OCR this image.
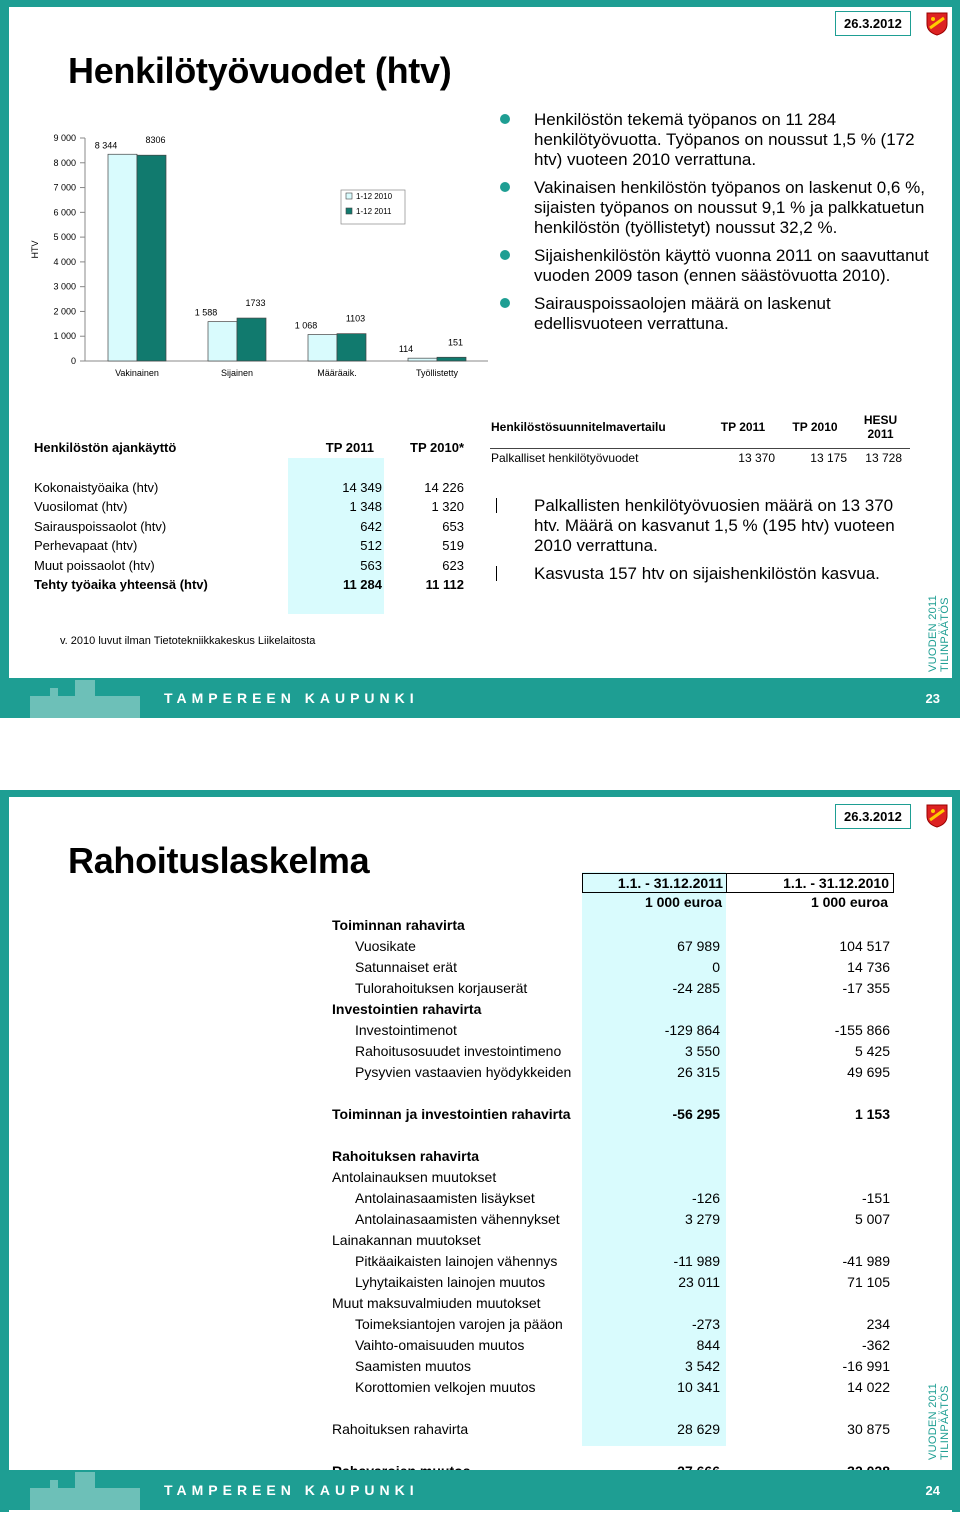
26.3.2012
Henkilötyövuodet (htv)
HTV
0
1 000
2 000
3 000
4 000
5 000
6 000
7 000
8 000
9 000
8 344
8306
Vakinainen
1 588
1733
Sijainen
1 068
1103
Määräaik.
114
151
Työllistetty
1-12 2010
1-12 2011
Henkilöstön tekemä työpanos on 11 284 henkilötyövuotta. Työpanos on noussut 1,5 % (172 htv) vuoteen 2010 verrattuna.
Vakinaisen henkilöstön työpanos on laskenut 0,6 %, sijaisten työpanos on noussut 9,1 % ja palkkatuetun henkilöstön (työllistetyt) noussut 32,2 %.
Sijaishenkilöstön käyttö vuonna 2011 on saavuttanut vuoden 2009 tason (ennen säästövuotta 2010).
Sairauspoissaolojen määrä on laskenut edellisvuoteen verrattuna.
Henkilöstösuunnitelmavertailu	TP 2011	TP 2010	HESU 2011

Palkalliset henkilötyövuodet	13 370	13 175	13 728
Palkallisten henkilötyövuosien määrä on 13 370 htv. Määrä on kasvanut 1,5 % (195 htv) vuoteen 2010 verrattuna.
Kasvusta 157 htv on sijaishenkilöstön kasvua.
Henkilöstön ajankäyttö	TP 2011	TP 2010*

Kokonaistyöaika (htv)	14 349	14 226
Vuosilomat (htv)	1 348	1 320
Sairauspoissaolot (htv)	642	653
Perhevapaat (htv)	512	519
Muut poissaolot (htv)	563	623
Tehty työaika yhteensä (htv)	11 284	11 112

v. 2010 luvut ilman Tietotekniikkakeskus Liikelaitosta	VUODEN 2011 TILINPÄÄTÖS
TAMPEREEN KAUPUNKI	23
26.3.2012
Rahoituslaskelma
1.1. - 31.12.2011	1.1. - 31.12.2010
1 000 euroa	1 000 euroa
Toiminnan rahavirta		
Vuosikate	67 989	104 517
Satunnaiset erät	0	14 736
Tulorahoituksen korjauserät	-24 285	-17 355
Investointien rahavirta		
Investointimenot	-129 864	-155 866
Rahoitusosuudet investointimeno	3 550	5 425
Pysyvien vastaavien hyödykkeiden	26 315	49 695

Toiminnan ja investointien rahavirta	-56 295	1 153

Rahoituksen rahavirta		
Antolainauksen muutokset		
Antolainasaamisten lisäykset	-126	-151
Antolainasaamisten vähennykset	3 279	5 007
Lainakannan muutokset		
Pitkäaikaisten lainojen vähennys	-11 989	-41 989
Lyhytaikaisten lainojen muutos	23 011	71 105
Muut maksuvalmiuden muutokset		
Toimeksiantojen varojen ja pääon	-273	234
Vaihto-omaisuuden muutos	844	-362
Saamisten muutos	3 542	-16 991
Korottomien velkojen muutos	10 341	14 022

Rahoituksen rahavirta	28 629	30 875

			VUODEN 2011 TILINPÄÄTÖS
TAMPEREEN KAUPUNKI	24
